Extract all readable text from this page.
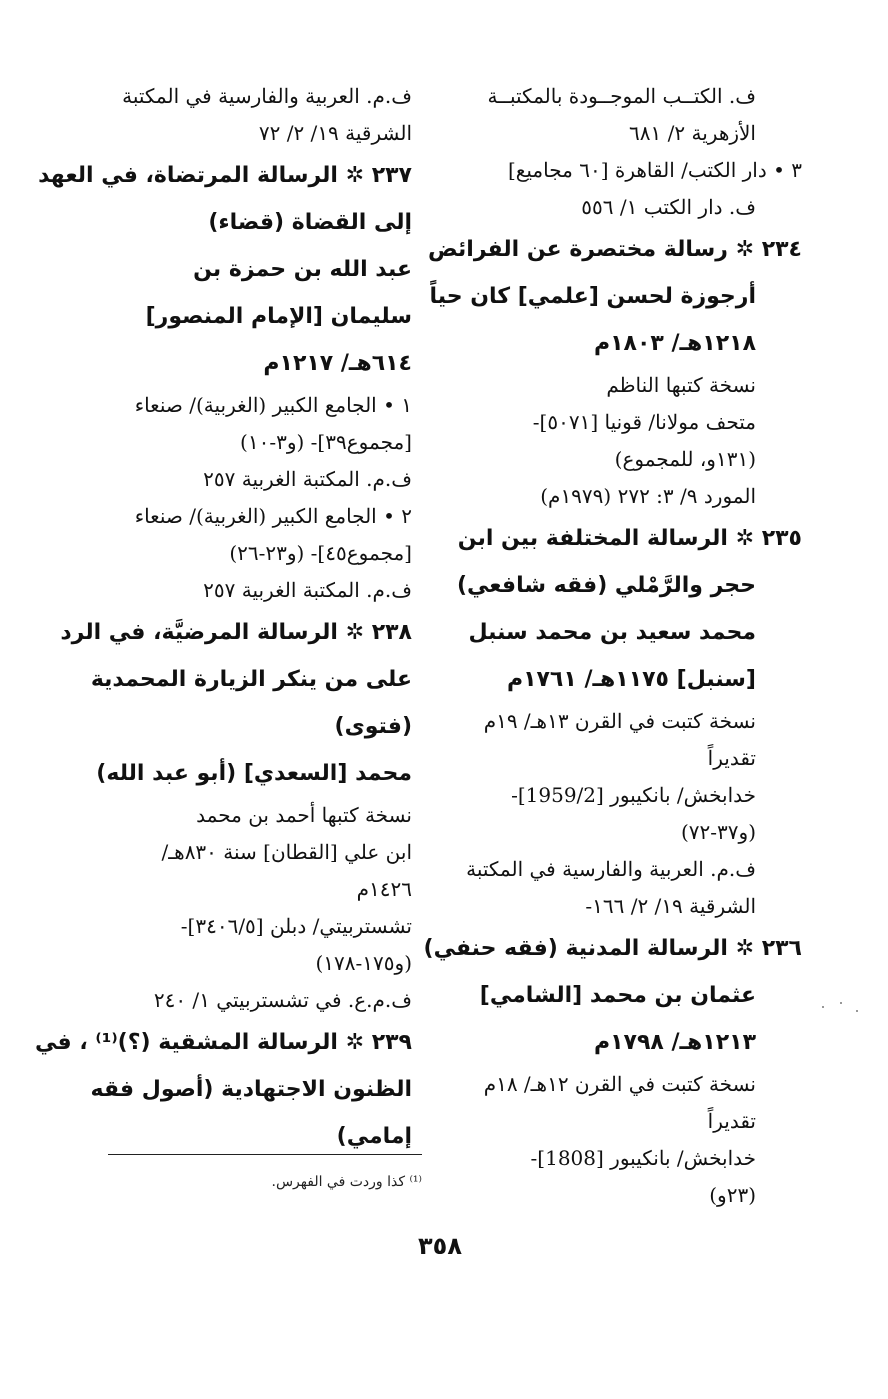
ف. الكتــب الموجــودة بالمكتبــة
الأزهرية ٢/ ٦٨١
٣ • دار الكتب/ القاهرة [٦٠ مجاميع]
ف. دار الكتب ١/ ٥٥٦
٢٣٤ ✲ رسالة مختصرة عن الفرائض
أرجوزة لحسن [علمي] كان حياً
١٢١٨هـ/ ١٨٠٣م
نسخة كتبها الناظم
متحف مولانا/ قونيا [٥٠٧١]-
(١٣١و، للمجموع)
المورد ٩/ ٣: ٢٧٢ (١٩٧٩م)
٢٣٥ ✲ الرسالة المختلفة بين ابن
حجر والرَّمْلي (فقه شافعي)
محمد سعيد بن محمد سنبل
[سنبل] ١١٧٥هـ/ ١٧٦١م
نسخة كتبت في القرن ١٣هـ/ ١٩م
تقديراً
خدابخش/ بانكيبور [1959/2]-
(و٣٧-٧٢)
ف.م. العربية والفارسية في المكتبة
الشرقية ١٩/ ٢/ ١٦٦-
٢٣٦ ✲ الرسالة المدنية (فقه حنفي)
عثمان بن محمد [الشامي]
١٢١٣هـ/ ١٧٩٨م
نسخة كتبت في القرن ١٢هـ/ ١٨م
تقديراً
خدابخش/ بانكيبور [1808]-
(٢٣و)
ف.م. العربية والفارسية في المكتبة
الشرقية ١٩/ ٢/ ٧٢
٢٣٧ ✲ الرسالة المرتضاة، في العهد
إلى القضاة (قضاء)
عبد الله بن حمزة بن
سليمان [الإمام المنصور]
٦١٤هـ/ ١٢١٧م
١ • الجامع الكبير (الغربية)/ صنعاء
[مجموع٣٩]- (و٣-١٠)
ف.م. المكتبة الغربية ٢٥٧
٢ • الجامع الكبير (الغربية)/ صنعاء
[مجموع٤٥]- (و٢٣-٢٦)
ف.م. المكتبة الغربية ٢٥٧
٢٣٨ ✲ الرسالة المرضيَّة، في الرد
على من ينكر الزيارة المحمدية
(فتوى)
محمد [السعدي] (أبو عبد الله)
نسخة كتبها أحمد بن محمد
ابن علي [القطان] سنة ٨٣٠هـ/
١٤٢٦م
تشستربيتي/ دبلن [٣٤٠٦/٥]-
(و١٧٥-١٧٨)
ف.م.ع. في تشستربيتي ١/ ٢٤٠
٢٣٩ ✲ الرسالة المشقية (؟)⁽¹⁾ ، في
الظنون الاجتهادية (أصول فقه
إمامي)
⁽¹⁾ كذا وردت في الفهرس.
٣٥٨
